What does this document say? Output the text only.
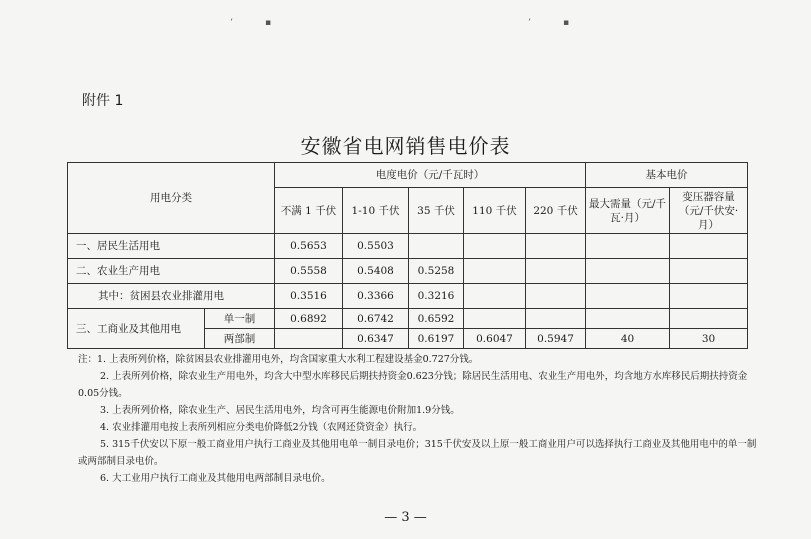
ʻ	▪	ʻ	▪
附件 1
安徽省电网销售电价表
用电分类		电度电价（元/千瓦时）					基本电价	
		不满 1 千伏	1-10 千伏	35 千伏	110 千伏	220 千伏	最大需量（元/千瓦·月）	变压器容量（元/千伏安·月）
一、居民生活用电		0.5653	0.5503					
二、农业生产用电		0.5558	0.5408	0.5258				
其中：贫困县农业排灌用电		0.3516	0.3366	0.3216				
三、工商业及其他用电	单一制	0.6892	0.6742	0.6592				
	两部制		0.6347	0.6197	0.6047	0.5947	40	30

注：1. 上表所列价格，除贫困县农业排灌用电外，均含国家重大水利工程建设基金0.727分钱。

2. 上表所列价格，除农业生产用电外，均含大中型水库移民后期扶持资金0.623分钱；除居民生活用电、农业生产用电外，均含地方水库移民后期扶持资金0.05分钱。

3. 上表所列价格，除农业生产、居民生活用电外，均含可再生能源电价附加1.9分钱。

4. 农业排灌用电按上表所列相应分类电价降低2分钱（农网还贷资金）执行。

5. 315千伏安以下原一般工商业用户执行工商业及其他用电单一制目录电价；315千伏安及以上原一般工商业用户可以选择执行工商业及其他用电中的单一制或两部制目录电价。

6. 大工业用户执行工商业及其他用电两部制目录电价。

— 3 —
